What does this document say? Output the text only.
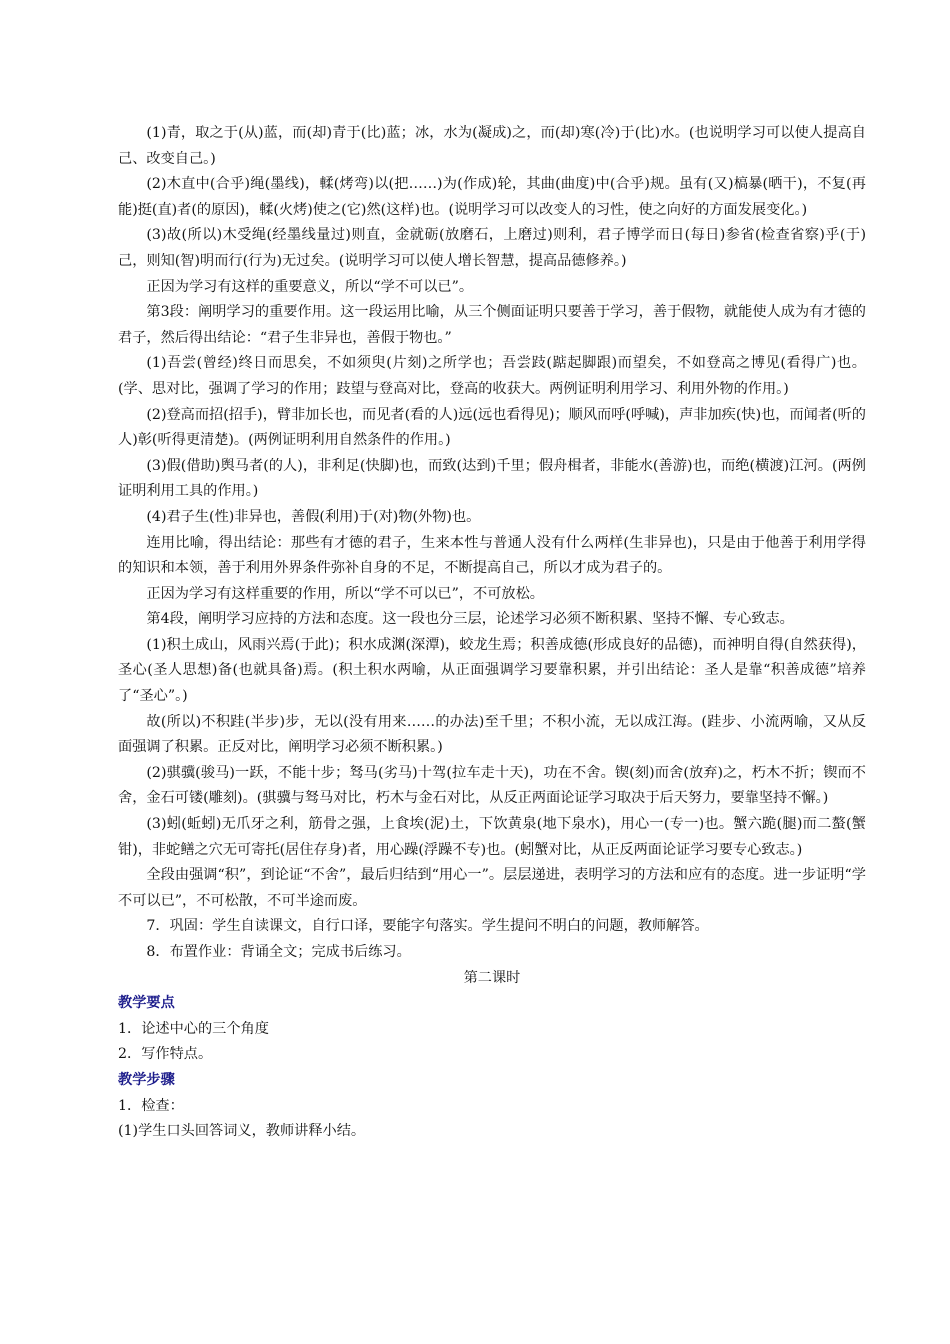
(1)青，取之于(从)蓝，而(却)青于(比)蓝；冰，水为(凝成)之，而(却)寒(冷)于(比)水。(也说明学习可以使人提高自己、改变自己。)

(2)木直中(合乎)绳(墨线)，輮(烤弯)以(把……)为(作成)轮，其曲(曲度)中(合乎)规。虽有(又)槁暴(晒干)，不复(再能)挺(直)者(的原因)，輮(火烤)使之(它)然(这样)也。(说明学习可以改变人的习性，使之向好的方面发展变化。)

(3)故(所以)木受绳(经墨线量过)则直，金就砺(放磨石，上磨过)则利，君子博学而日(每日)参省(检查省察)乎(于)己，则知(智)明而行(行为)无过矣。(说明学习可以使人增长智慧，提高品德修养。)

正因为学习有这样的重要意义，所以“学不可以已”。

第3段：阐明学习的重要作用。这一段运用比喻，从三个侧面证明只要善于学习，善于假物，就能使人成为有才德的君子，然后得出结论：“君子生非异也，善假于物也。”

(1)吾尝(曾经)终日而思矣，不如须臾(片刻)之所学也；吾尝跂(踮起脚跟)而望矣，不如登高之博见(看得广)也。(学、思对比，强调了学习的作用；跂望与登高对比，登高的收获大。两例证明利用学习、利用外物的作用。)

(2)登高而招(招手)，臂非加长也，而见者(看的人)远(远也看得见)；顺风而呼(呼喊)，声非加疾(快)也，而闻者(听的人)彰(听得更清楚)。(两例证明利用自然条件的作用。)

(3)假(借助)舆马者(的人)，非利足(快脚)也，而致(达到)千里；假舟楫者，非能水(善游)也，而绝(横渡)江河。(两例证明利用工具的作用。)

(4)君子生(性)非异也，善假(利用)于(对)物(外物)也。

连用比喻，得出结论：那些有才德的君子，生来本性与普通人没有什么两样(生非异也)，只是由于他善于利用学得的知识和本领，善于利用外界条件弥补自身的不足，不断提高自己，所以才成为君子的。

正因为学习有这样重要的作用，所以“学不可以已”，不可放松。

第4段，阐明学习应持的方法和态度。这一段也分三层，论述学习必须不断积累、坚持不懈、专心致志。

(1)积土成山，风雨兴焉(于此)；积水成渊(深潭)，蛟龙生焉；积善成德(形成良好的品德)，而神明自得(自然获得)，圣心(圣人思想)备(也就具备)焉。(积土积水两喻，从正面强调学习要靠积累，并引出结论：圣人是靠“积善成德”培养了“圣心”。)

故(所以)不积跬(半步)步，无以(没有用来……的办法)至千里；不积小流，无以成江海。(跬步、小流两喻，又从反面强调了积累。正反对比，阐明学习必须不断积累。)

(2)骐骥(骏马)一跃，不能十步；驽马(劣马)十驾(拉车走十天)，功在不舍。锲(刻)而舍(放弃)之，朽木不折；锲而不舍，金石可镂(雕刻)。(骐骥与驽马对比，朽木与金石对比，从反正两面论证学习取决于后天努力，要靠坚持不懈。)

(3)蚓(蚯蚓)无爪牙之利，筋骨之强，上食埃(泥)土，下饮黄泉(地下泉水)，用心一(专一)也。蟹六跪(腿)而二螯(蟹钳)，非蛇鳝之穴无可寄托(居住存身)者，用心躁(浮躁不专)也。(蚓蟹对比，从正反两面论证学习要专心致志。)

全段由强调“积”，到论证“不舍”，最后归结到“用心一”。层层递进，表明学习的方法和应有的态度。进一步证明“学不可以已”，不可松散，不可半途而废。

7．巩固：学生自读课文，自行口译，要能字句落实。学生提问不明白的问题，教师解答。

8．布置作业：背诵全文；完成书后练习。

第二课时

教学要点

1．论述中心的三个角度

2．写作特点。

教学步骤

1．检查：

(1)学生口头回答词义，教师讲释小结。
